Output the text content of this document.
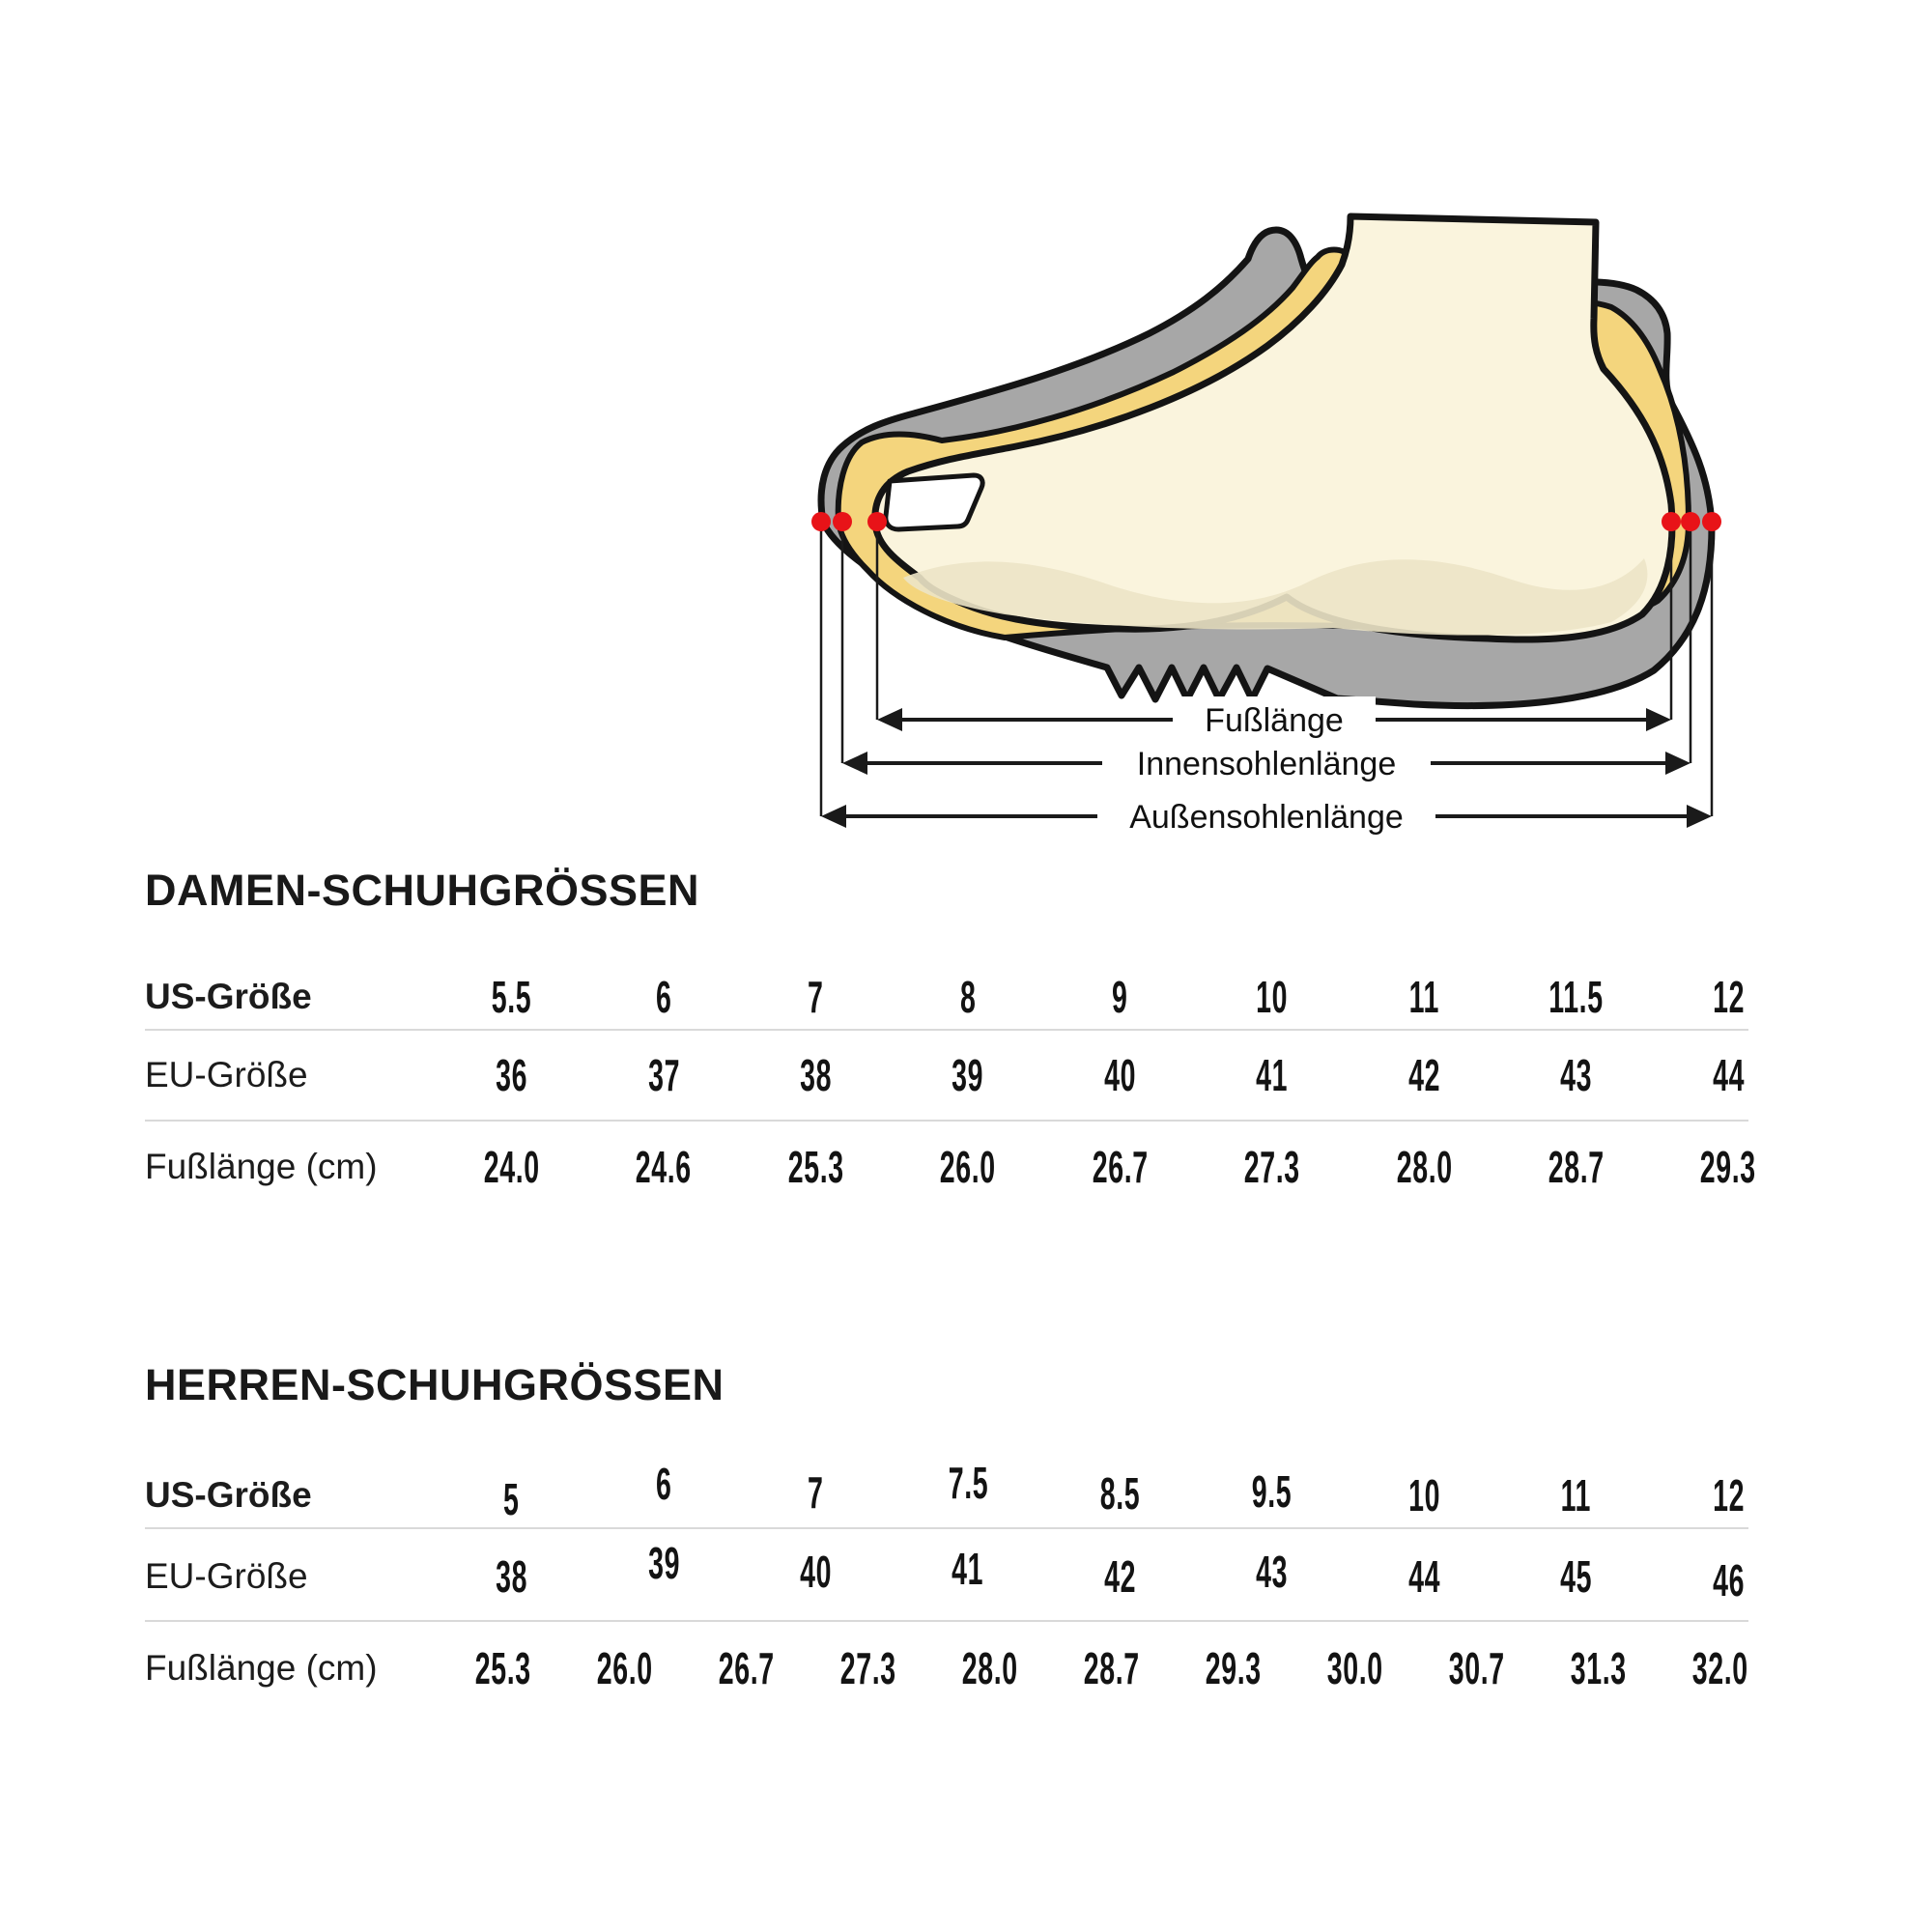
Fußlänge
Innensohlenlänge
Außensohlenlänge
DAMEN-SCHUHGRÖSSEN
US-Größe	5.5	6	7	8	9	10	11 11.5 12
EU-Größe	36	37	38	39	40	41	42	43	44
Fußlänge (cm)	24.0 24.6 25.3 26.0 26.7 27.3 28.0 28.7 29.3
HERREN-SCHUHGRÖSSEN
US-Größe	5	6	7	7.5	8.5	9.5	10	11	12
EU-Größe	38	39	40	41	42	43	44	45	46
Fußlänge (cm)	25.3 26.0 26.7 27.3 28.0 28.7 29.3 30.0 30.7 31.3 32.0
